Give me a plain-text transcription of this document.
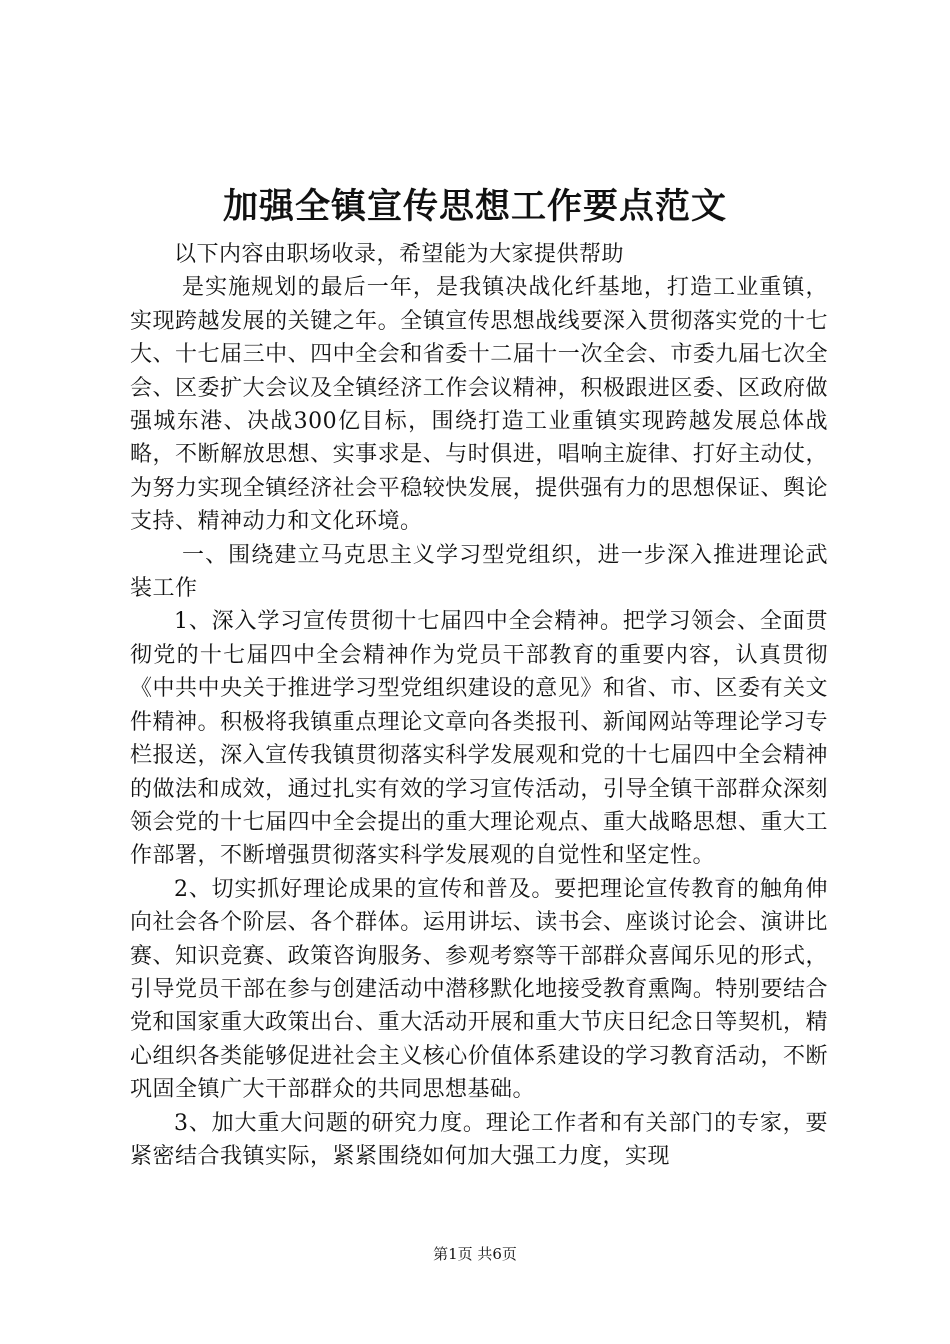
加强全镇宣传思想工作要点范文

以下内容由职场收录，希望能为大家提供帮助

是实施规划的最后一年，是我镇决战化纤基地，打造工业重镇，实现跨越发展的关键之年。全镇宣传思想战线要深入贯彻落实党的十七大、十七届三中、四中全会和省委十二届十一次全会、市委九届七次全会、区委扩大会议及全镇经济工作会议精神，积极跟进区委、区政府做强城东港、决战300亿目标，围绕打造工业重镇实现跨越发展总体战略，不断解放思想、实事求是、与时俱进，唱响主旋律、打好主动仗，为努力实现全镇经济社会平稳较快发展，提供强有力的思想保证、舆论支持、精神动力和文化环境。

一、围绕建立马克思主义学习型党组织，进一步深入推进理论武装工作

1、深入学习宣传贯彻十七届四中全会精神。把学习领会、全面贯彻党的十七届四中全会精神作为党员干部教育的重要内容，认真贯彻《中共中央关于推进学习型党组织建设的意见》和省、市、区委有关文件精神。积极将我镇重点理论文章向各类报刊、新闻网站等理论学习专栏报送，深入宣传我镇贯彻落实科学发展观和党的十七届四中全会精神的做法和成效，通过扎实有效的学习宣传活动，引导全镇干部群众深刻领会党的十七届四中全会提出的重大理论观点、重大战略思想、重大工作部署，不断增强贯彻落实科学发展观的自觉性和坚定性。

2、切实抓好理论成果的宣传和普及。要把理论宣传教育的触角伸向社会各个阶层、各个群体。运用讲坛、读书会、座谈讨论会、演讲比赛、知识竞赛、政策咨询服务、参观考察等干部群众喜闻乐见的形式，引导党员干部在参与创建活动中潜移默化地接受教育熏陶。特别要结合党和国家重大政策出台、重大活动开展和重大节庆日纪念日等契机，精心组织各类能够促进社会主义核心价值体系建设的学习教育活动，不断巩固全镇广大干部群众的共同思想基础。

3、加大重大问题的研究力度。理论工作者和有关部门的专家，要紧密结合我镇实际，紧紧围绕如何加大强工力度，实现

第1页 共6页
